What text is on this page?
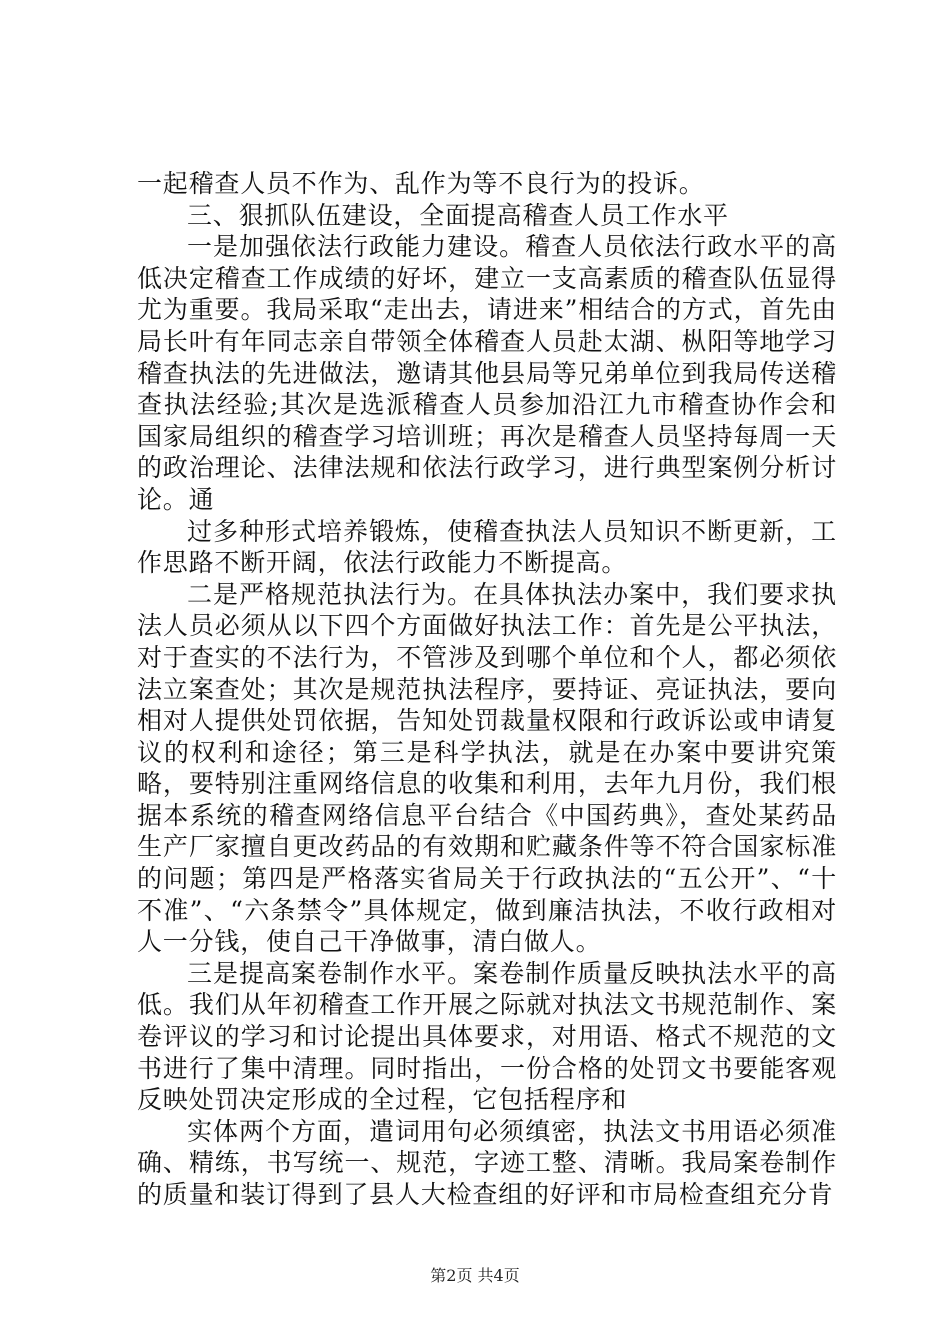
一起稽查人员不作为、乱作为等不良行为的投诉。

三、狠抓队伍建设，全面提高稽查人员工作水平

一是加强依法行政能力建设。稽查人员依法行政水平的高低决定稽查工作成绩的好坏，建立一支高素质的稽查队伍显得尤为重要。我局采取“走出去，请进来”相结合的方式，首先由局长叶有年同志亲自带领全体稽查人员赴太湖、枞阳等地学习稽查执法的先进做法，邀请其他县局等兄弟单位到我局传送稽查执法经验;其次是选派稽查人员参加沿江九市稽查协作会和国家局组织的稽查学习培训班；再次是稽查人员坚持每周一天的政治理论、法律法规和依法行政学习，进行典型案例分析讨论。通

过多种形式培养锻炼，使稽查执法人员知识不断更新，工作思路不断开阔，依法行政能力不断提高。

二是严格规范执法行为。在具体执法办案中，我们要求执法人员必须从以下四个方面做好执法工作：首先是公平执法，对于查实的不法行为，不管涉及到哪个单位和个人，都必须依法立案查处；其次是规范执法程序，要持证、亮证执法，要向相对人提供处罚依据，告知处罚裁量权限和行政诉讼或申请复议的权利和途径；第三是科学执法，就是在办案中要讲究策略，要特别注重网络信息的收集和利用，去年九月份，我们根据本系统的稽查网络信息平台结合《中国药典》，查处某药品生产厂家擅自更改药品的有效期和贮藏条件等不符合国家标准的问题；第四是严格落实省局关于行政执法的“五公开”、“十不准”、“六条禁令”具体规定，做到廉洁执法，不收行政相对人一分钱，使自己干净做事，清白做人。

三是提高案卷制作水平。案卷制作质量反映执法水平的高低。我们从年初稽查工作开展之际就对执法文书规范制作、案卷评议的学习和讨论提出具体要求，对用语、格式不规范的文书进行了集中清理。同时指出，一份合格的处罚文书要能客观反映处罚决定形成的全过程，它包括程序和

实体两个方面，遣词用句必须缜密，执法文书用语必须准确、精练，书写统一、规范，字迹工整、清晰。我局案卷制作的质量和装订得到了县人大检查组的好评和市局检查组充分肯

第2页 共4页
